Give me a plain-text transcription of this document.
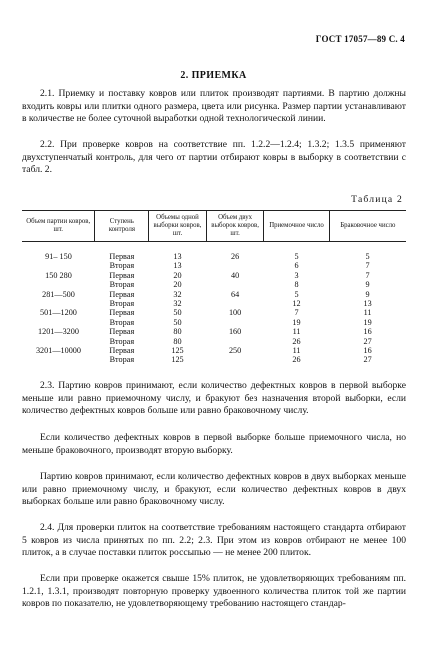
ГОСТ 17057—89 С. 4
2. ПРИЕМКА

2.1. Приемку и поставку ковров или плиток производят партиями. В партию должны входить ковры или плитки одного размера, цвета или рисунка. Размер партии устанавливают в количестве не более суточной выработки одной технологической линии.

2.2. При проверке ковров на соответствие пп. 1.2.2—1.2.4; 1.3.2; 1.3.5 применяют двухступенчатый контроль, для чего от партии отбирают ковры в выборку в соответствии с табл. 2.

Таблица 2
Объем партии ковров, шт.	Ступень контроля	Объемы одной выборки ковров, шт.	Объем двух выборок ковров, шт.	Приемочное число	Браковочное число
91– 150	Первая	13	26	5	5
	Вторая	13		6	7
150 280	Первая	20	40	3	7
	Вторая	20		8	9
281—500	Первая	32	64	5	9
	Вторая	32		12	13
501—1200	Первая	50	100	7	11
	Вторая	50		19	19
1201—3200	Первая	80	160	11	16
	Вторая	80		26	27
3201—10000	Первая	125	250	11	16
	Вторая	125		26	27

2.3. Партию ковров принимают, если количество дефектных ковров в первой выборке меньше или равно приемочному числу, и бракуют без назначения второй выборки, если количество дефектных ковров больше или равно браковочному числу.

Если количество дефектных ковров в первой выборке больше приемочного числа, но меньше браковочного, производят вторую выборку.

Партию ковров принимают, если количество дефектных ковров в двух выборках меньше или равно приемочному числу, и бракуют, если количество дефектных ковров в двух выборках больше или равно браковочному числу.

2.4. Для проверки плиток на соответствие требованиям настоящего стандарта отбирают 5 ковров из числа принятых по пп. 2.2; 2.3. При этом из ковров отбирают не менее 100 плиток, а в случае поставки плиток россыпью — не менее 200 плиток.

Если при проверке окажется свыше 15% плиток, не удовлетворяющих требованиям пп. 1.2.1, 1.3.1, производят повторную проверку удвоенного количества плиток той же партии ковров по показателю, не удовлетворяющему требованию настоящего стандар-
